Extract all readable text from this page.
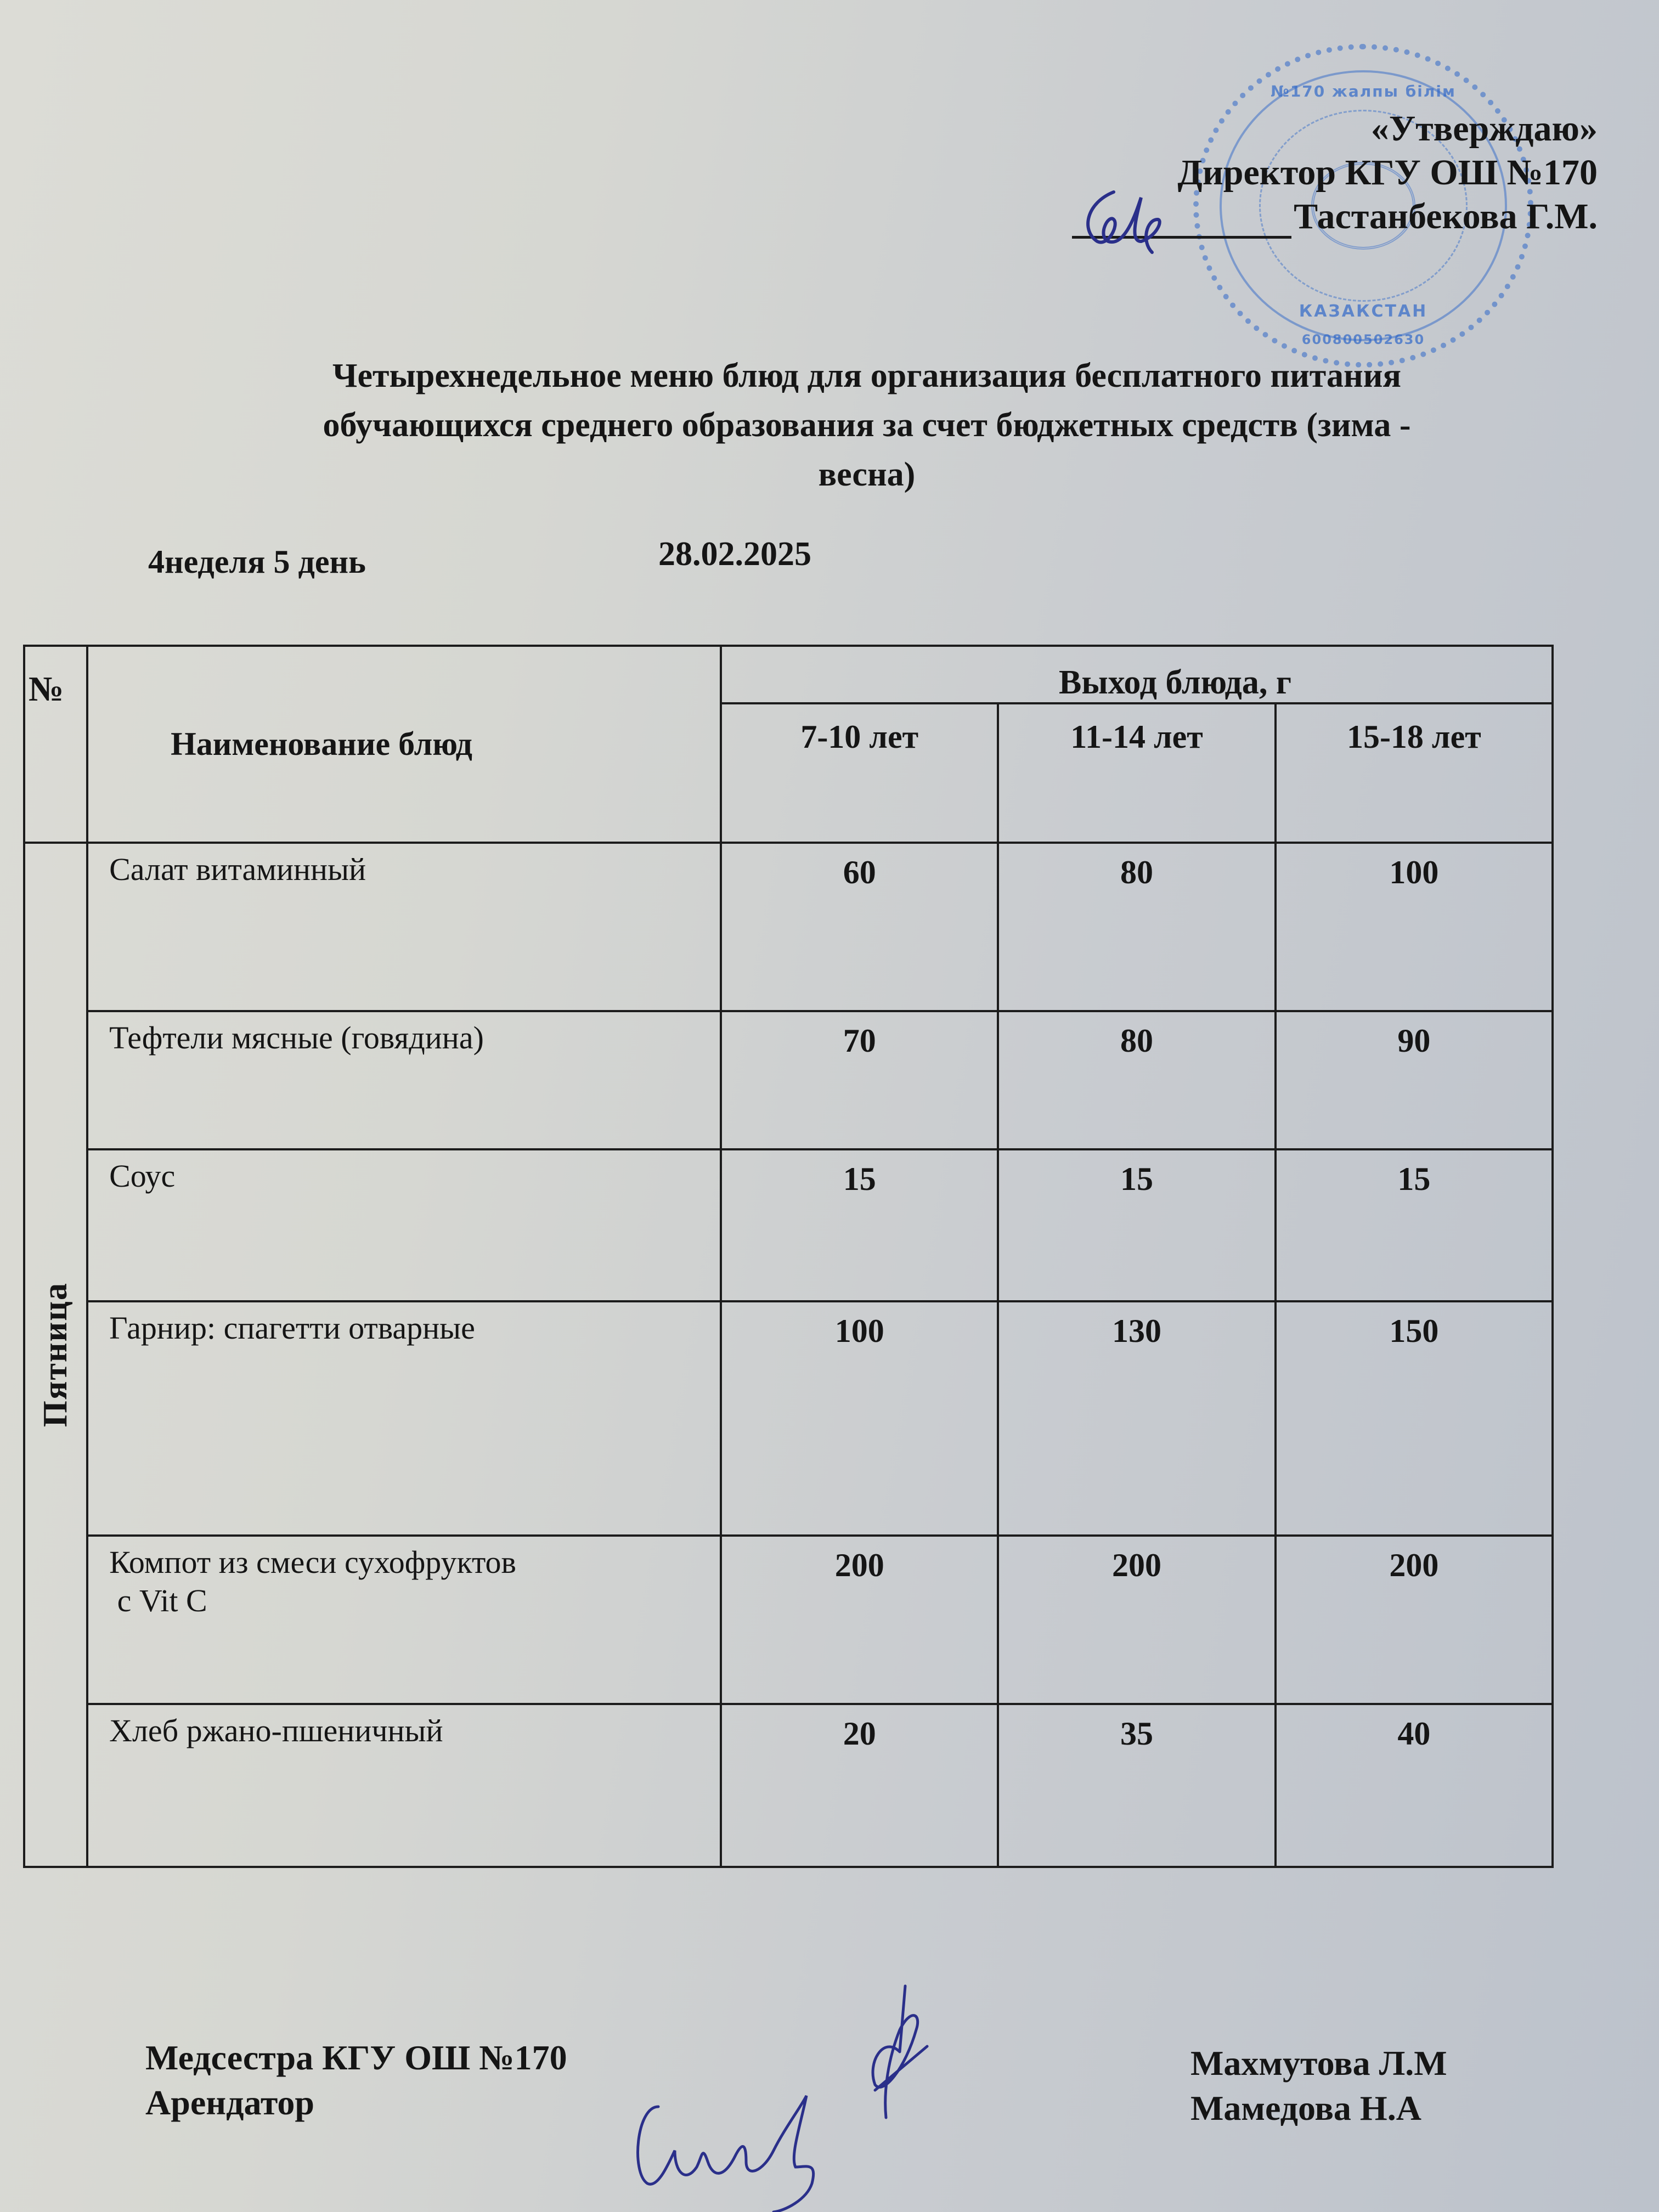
№170 жалпы білім
КАЗАКСТАН
600800502630
«Утверждаю»
Директор КГУ ОШ №170
Тастанбекова Г.М.
Четырехнедельное меню блюд для организация бесплатного питания
обучающихся среднего образования за счет бюджетных средств (зима -
весна)
4неделя 5 день	28.02.2025
№	Наименование блюд	Выход блюда, г		
		7-10 лет	11-14 лет	15-18 лет

Пятница	Салат витаминный	60	80	100
	Тефтели мясные (говядина)	70	80	90
	Соус	15	15	15
	Гарнир: спагетти отварные	100	130	150

	Компот из смеси сухофруктов
с Vit C	200	200	200
	Хлеб ржано-пшеничный	20	35	40
Медсестра КГУ ОШ №170
Арендатор
Махмутова Л.М
Мамедова Н.А
